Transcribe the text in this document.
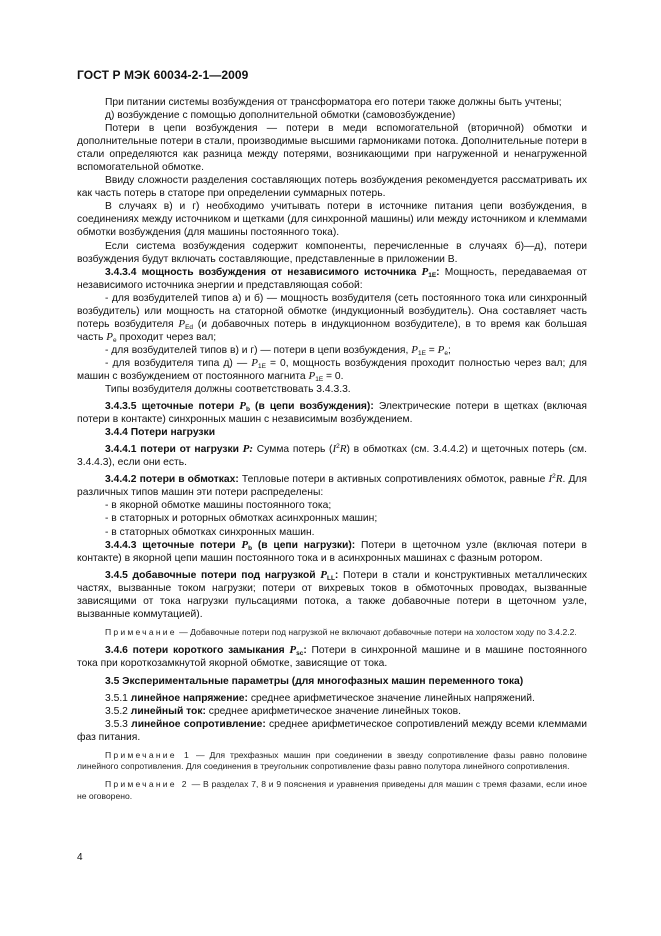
ГОСТ Р МЭК 60034-2-1—2009

При питании системы возбуждения от трансформатора его потери также должны быть учтены;

д) возбуждение с помощью дополнительной обмотки (самовозбуждение)

Потери в цепи возбуждения — потери в меди вспомогательной (вторичной) обмотки и дополнительные потери в стали, производимые высшими гармониками потока. Дополнительные потери в стали определяются как разница между потерями, возникающими при нагруженной и ненагруженной вспомогательной обмотке.

Ввиду сложности разделения составляющих потерь возбуждения рекомендуется рассматривать их как часть потерь в статоре при определении суммарных потерь.

В случаях в) и г) необходимо учитывать потери в источнике питания цепи возбуждения, в соединениях между источником и щетками (для синхронной машины) или между источником и клеммами обмотки возбуждения (для машины постоянного тока).

Если система возбуждения содержит компоненты, перечисленные в случаях б)—д), потери возбуждения будут включать составляющие, представленные в приложении В.

3.4.3.4 мощность возбуждения от независимого источника $P_{1E}$: Мощность, передаваемая от независимого источника энергии и представляющая собой:

- для возбудителей типов а) и б) — мощность возбудителя (сеть постоянного тока или синхронный возбудитель) или мощность на статорной обмотке (индукционный возбудитель). Она составляет часть потерь возбудителя $P_{Ed}$ (и добавочных потерь в индукционном возбудителе), в то время как большая часть $P_e$ проходит через вал;

- для возбудителей типов в) и г) — потери в цепи возбуждения, $P_{1E} = P_e$;

- для возбудителя типа д) — $P_{1E} = 0$, мощность возбуждения проходит полностью через вал; для машин с возбуждением от постоянного магнита $P_{1E} = 0$.

Типы возбудителя должны соответствовать 3.4.3.3.

3.4.3.5 щеточные потери $P_b$ (в цепи возбуждения): Электрические потери в щетках (включая потери в контакте) синхронных машин с независимым возбуждением.

3.4.4 Потери нагрузки

3.4.4.1 потери от нагрузки P: Сумма потерь $(I^2R)$ в обмотках (см. 3.4.4.2) и щеточных потерь (см. 3.4.4.3), если они есть.

3.4.4.2 потери в обмотках: Тепловые потери в активных сопротивлениях обмоток, равные $I^2R$. Для различных типов машин эти потери распределены:

- в якорной обмотке машины постоянного тока;

- в статорных и роторных обмотках асинхронных машин;

- в статорных обмотках синхронных машин.

3.4.4.3 щеточные потери $P_b$ (в цепи нагрузки): Потери в щеточном узле (включая потери в контакте) в якорной цепи машин постоянного тока и в асинхронных машинах с фазным ротором.

3.4.5 добавочные потери под нагрузкой $P_{LL}$: Потери в стали и конструктивных металлических частях, вызванные током нагрузки; потери от вихревых токов в обмоточных проводах, вызванные зависящими от тока нагрузки пульсациями потока, а также добавочные потери в щеточном узле, вызванные коммутацией).

Примечание — Добавочные потери под нагрузкой не включают добавочные потери на холостом ходу по 3.4.2.2.

3.4.6 потери короткого замыкания $P_{sc}$: Потери в синхронной машине и в машине постоянного тока при короткозамкнутой якорной обмотке, зависящие от тока.

3.5 Экспериментальные параметры (для многофазных машин переменного тока)

3.5.1 линейное напряжение: среднее арифметическое значение линейных напряжений.

3.5.2 линейный ток: среднее арифметическое значение линейных токов.

3.5.3 линейное сопротивление: среднее арифметическое сопротивлений между всеми клеммами фаз питания.

Примечание 1 — Для трехфазных машин при соединении в звезду сопротивление фазы равно половине линейного сопротивления. Для соединения в треугольник сопротивление фазы равно полутора линейного сопротивления.

Примечание 2 — В разделах 7, 8 и 9 пояснения и уравнения приведены для машин с тремя фазами, если иное не оговорено.

4
